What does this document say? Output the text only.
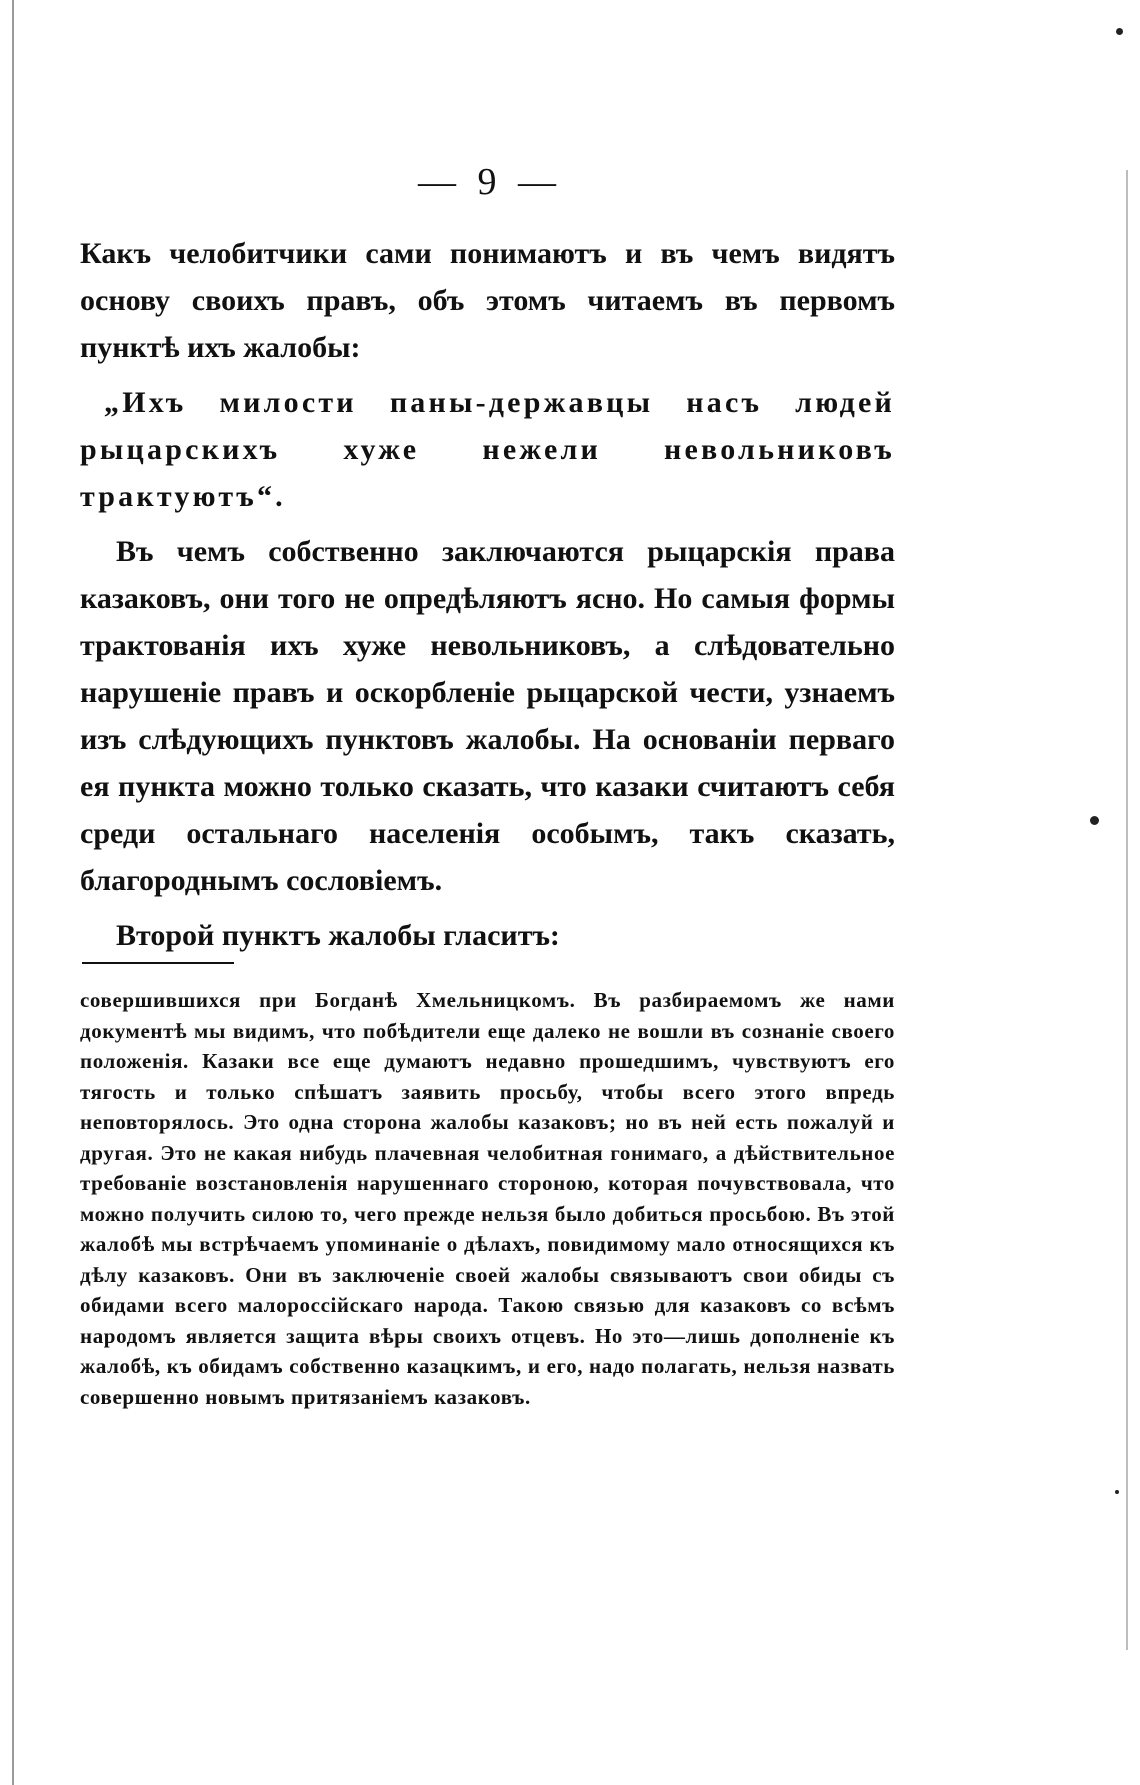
— 9 —

Какъ челобитчики сами понимаютъ и въ чемъ видятъ основу своихъ правъ, объ этомъ читаемъ въ первомъ пунктѣ ихъ жалобы:

„Ихъ милости паны-державцы насъ людей рыцарскихъ хуже нежели невольниковъ трактуютъ“.

Въ чемъ собственно заключаются рыцарскія права казаковъ, они того не опредѣляютъ ясно. Но самыя формы трактованія ихъ хуже невольниковъ, а слѣдовательно нарушеніе правъ и оскорбленіе рыцарской чести, узнаемъ изъ слѣдующихъ пунктовъ жалобы. На основаніи перваго ея пункта можно только сказать, что казаки считаютъ себя среди остальнаго населенія особымъ, такъ сказать, благороднымъ сословіемъ.

Второй пунктъ жалобы гласитъ:

совершившихся при Богданѣ Хмельницкомъ. Въ разбираемомъ же нами документѣ мы видимъ, что побѣдители еще далеко не вошли въ сознаніе своего положенія. Казаки все еще думаютъ недавно прошедшимъ, чувствуютъ его тягость и только спѣшатъ заявить просьбу, чтобы всего этого впредь неповторялось. Это одна сторона жалобы казаковъ; но въ ней есть пожалуй и другая. Это не какая нибудь плачевная челобитная гонимаго, а дѣйствительное требованіе возстановленія нарушеннаго стороною, которая почувствовала, что можно получить силою то, чего прежде нельзя было добиться просьбою. Въ этой жалобѣ мы встрѣчаемъ упоминаніе о дѣлахъ, повидимому мало относящихся къ дѣлу казаковъ. Они въ заключеніе своей жалобы связываютъ свои обиды съ обидами всего малороссійскаго народа. Такою связью для казаковъ со всѣмъ народомъ является защита вѣры своихъ отцевъ. Но это—лишь дополненіе къ жалобѣ, къ обидамъ собственно казацкимъ, и его, надо полагать, нельзя назвать совершенно новымъ притязаніемъ казаковъ.
